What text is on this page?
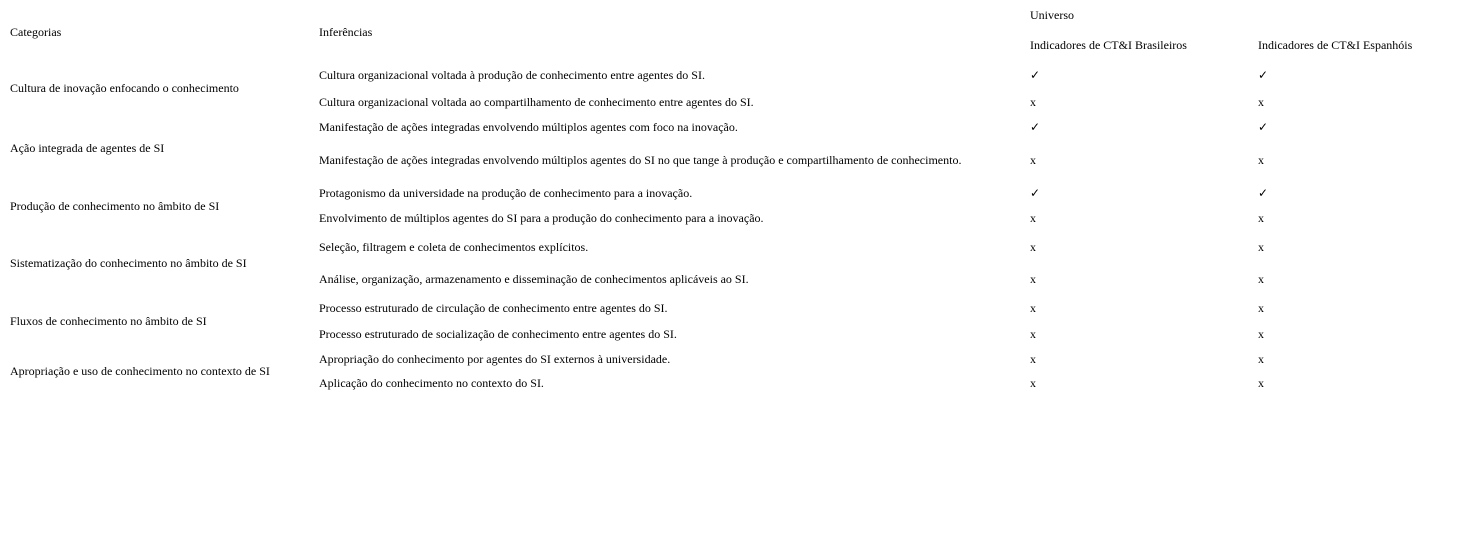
Categorias	Inferências	Universo	
		Indicadores de CT&I Brasileiros	Indicadores de CT&I Espanhóis
Cultura de inovação enfocando o conhecimento	Cultura organizacional voltada à produção de conhecimento entre agentes do SI.	✓	✓
	Cultura organizacional voltada ao compartilhamento de conhecimento entre agentes do SI.	x	x
Ação integrada de agentes de SI	Manifestação de ações integradas envolvendo múltiplos agentes com foco na inovação.	✓	✓
	Manifestação de ações integradas envolvendo múltiplos agentes do SI no que tange à produção e compartilhamento de conhecimento.	x	x
Produção de conhecimento no âmbito de SI	Protagonismo da universidade na produção de conhecimento para a inovação.	✓	✓
	Envolvimento de múltiplos agentes do SI para a produção do conhecimento para a inovação.	x	x
Sistematização do conhecimento no âmbito de SI	Seleção, filtragem e coleta de conhecimentos explícitos.	x	x
	Análise, organização, armazenamento e disseminação de conhecimentos aplicáveis ao SI.	x	x
Fluxos de conhecimento no âmbito de SI	Processo estruturado de circulação de conhecimento entre agentes do SI.	x	x
	Processo estruturado de socialização de conhecimento entre agentes do SI.	x	x
Apropriação e uso de conhecimento no contexto de SI	Apropriação do conhecimento por agentes do SI externos à universidade.	x	x
	Aplicação do conhecimento no contexto do SI.	x	x
